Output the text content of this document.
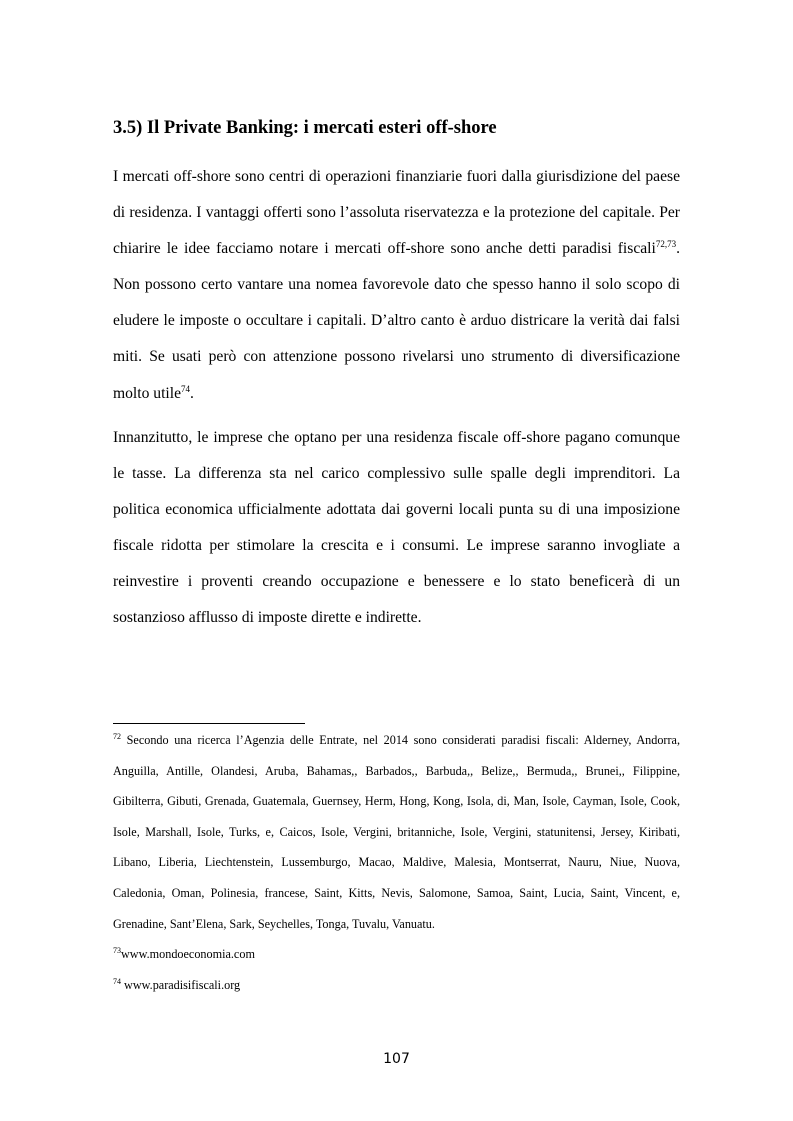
3.5) Il Private Banking: i mercati esteri off-shore

I mercati off-shore sono centri di operazioni finanziarie fuori dalla giurisdizione del paese di residenza. I vantaggi offerti sono l’assoluta riservatezza e la protezione del capitale. Per chiarire le idee facciamo notare i mercati off-shore sono anche detti paradisi fiscali$^{72,73}$. Non possono certo vantare una nomea favorevole dato che spesso hanno il solo scopo di eludere le imposte o occultare i capitali. D’altro canto è arduo districare la verità dai falsi miti. Se usati però con attenzione possono rivelarsi uno strumento di diversificazione molto utile$^{74}$.

Innanzitutto, le imprese che optano per una residenza fiscale off-shore pagano comunque le tasse. La differenza sta nel carico complessivo sulle spalle degli imprenditori. La politica economica ufficialmente adottata dai governi locali punta su di una imposizione fiscale ridotta per stimolare la crescita e i consumi. Le imprese saranno invogliate a reinvestire i proventi creando occupazione e benessere e lo stato beneficerà di un sostanzioso afflusso di imposte dirette e indirette.

$^{72}$ Secondo una ricerca l’Agenzia delle Entrate, nel 2014 sono considerati paradisi fiscali: Alderney, Andorra, Anguilla, Antille, Olandesi, Aruba, Bahamas,, Barbados,, Barbuda,, Belize,, Bermuda,, Brunei,, Filippine, Gibilterra, Gibuti, Grenada, Guatemala, Guernsey, Herm, Hong, Kong, Isola, di, Man, Isole, Cayman, Isole, Cook, Isole, Marshall, Isole, Turks, e, Caicos, Isole, Vergini, britanniche, Isole, Vergini, statunitensi, Jersey, Kiribati, Libano, Liberia, Liechtenstein, Lussemburgo, Macao, Maldive, Malesia, Montserrat, Nauru, Niue, Nuova, Caledonia, Oman, Polinesia, francese, Saint, Kitts, Nevis, Salomone, Samoa, Saint, Lucia, Saint, Vincent, e, Grenadine, Sant’Elena, Sark, Seychelles, Tonga, Tuvalu, Vanuatu.

$^{73}$www.mondoeconomia.com

$^{74}$ www.paradisifiscali.org

107
